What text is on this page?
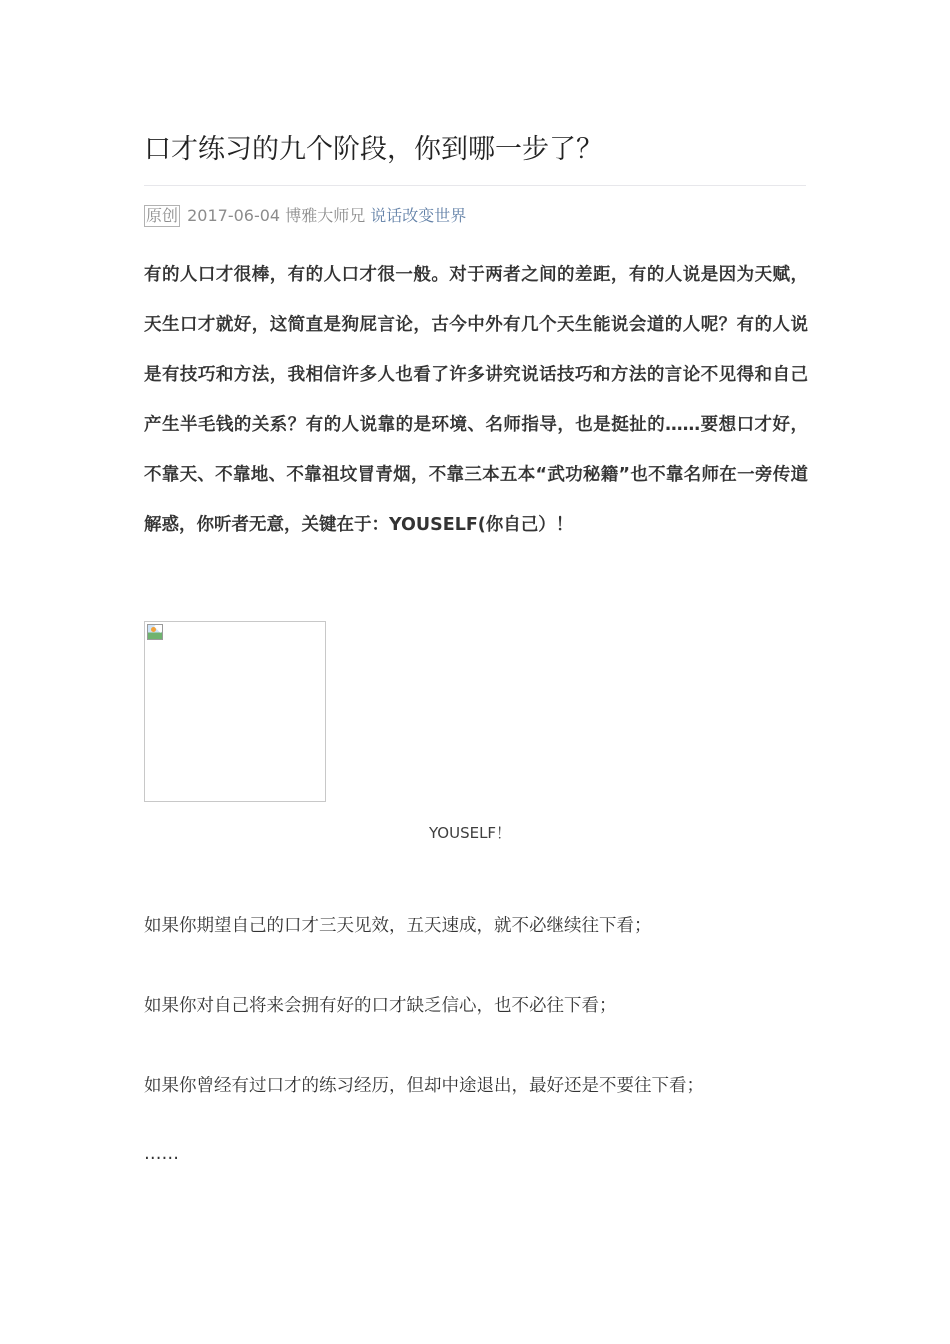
口才练习的九个阶段，你到哪一步了？
原创 2017-06-04 博雅大师兄 说话改变世界

有的人口才很棒，有的人口才很一般。对于两者之间的差距，有的人说是因为天赋，天生口才就好，这简直是狗屁言论，古今中外有几个天生能说会道的人呢？有的人说是有技巧和方法，我相信许多人也看了许多讲究说话技巧和方法的言论不见得和自己产生半毛钱的关系？有的人说靠的是环境、名师指导，也是挺扯的……要想口才好，不靠天、不靠地、不靠祖坟冒青烟，不靠三本五本“武功秘籍”也不靠名师在一旁传道解惑，你听者无意，关键在于：YOUSELF(你自己）！

YOUSELF！

如果你期望自己的口才三天见效，五天速成，就不必继续往下看；

如果你对自己将来会拥有好的口才缺乏信心，也不必往下看；

如果你曾经有过口才的练习经历，但却中途退出，最好还是不要往下看；

……
